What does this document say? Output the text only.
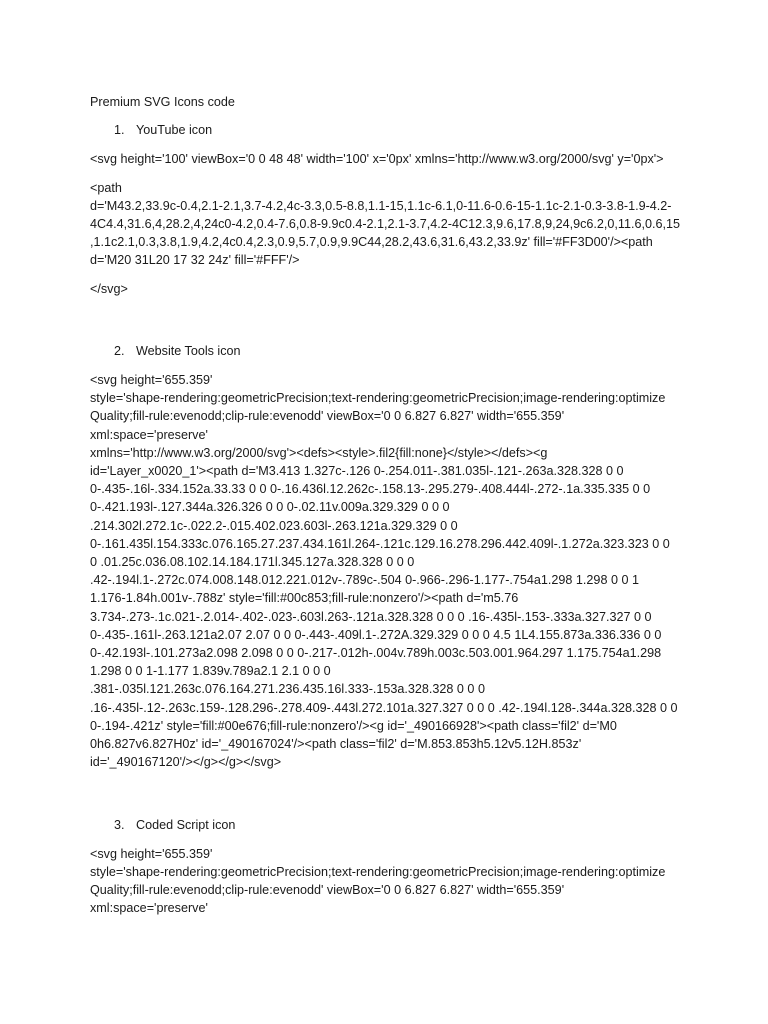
Premium SVG Icons code

1. YouTube icon

<svg height='100' viewBox='0 0 48 48' width='100' x='0px' xmlns='http://www.w3.org/2000/svg' y='0px'>

<path
d='M43.2,33.9c-0.4,2.1-2.1,3.7-4.2,4c-3.3,0.5-8.8,1.1-15,1.1c-6.1,0-11.6-0.6-15-1.1c-2.1-0.3-3.8-1.9-4.2-
4C4.4,31.6,4,28.2,4,24c0-4.2,0.4-7.6,0.8-9.9c0.4-2.1,2.1-3.7,4.2-4C12.3,9.6,17.8,9,24,9c6.2,0,11.6,0.6,15
,1.1c2.1,0.3,3.8,1.9,4.2,4c0.4,2.3,0.9,5.7,0.9,9.9C44,28.2,43.6,31.6,43.2,33.9z' fill='#FF3D00'/><path
d='M20 31L20 17 32 24z' fill='#FFF'/>

</svg>

2. Website Tools icon

<svg height='655.359'
style='shape-rendering:geometricPrecision;text-rendering:geometricPrecision;image-rendering:optimize
Quality;fill-rule:evenodd;clip-rule:evenodd' viewBox='0 0 6.827 6.827' width='655.359'
xml:space='preserve'
xmlns='http://www.w3.org/2000/svg'><defs><style>.fil2{fill:none}</style></defs><g
id='Layer_x0020_1'><path d='M3.413 1.327c-.126 0-.254.011-.381.035l-.121-.263a.328.328 0 0
0-.435-.16l-.334.152a.33.33 0 0 0-.16.436l.12.262c-.158.13-.295.279-.408.444l-.272-.1a.335.335 0 0
0-.421.193l-.127.344a.326.326 0 0 0-.02.11v.009a.329.329 0 0 0
.214.302l.272.1c-.022.2-.015.402.023.603l-.263.121a.329.329 0 0
0-.161.435l.154.333c.076.165.27.237.434.161l.264-.121c.129.16.278.296.442.409l-.1.272a.323.323 0 0
0 .01.25c.036.08.102.14.184.171l.345.127a.328.328 0 0 0
.42-.194l.1-.272c.074.008.148.012.221.012v-.789c-.504 0-.966-.296-1.177-.754a1.298 1.298 0 0 1
1.176-1.84h.001v-.788z' style='fill:#00c853;fill-rule:nonzero'/><path d='m5.76
3.734-.273-.1c.021-.2.014-.402-.023-.603l.263-.121a.328.328 0 0 0 .16-.435l-.153-.333a.327.327 0 0
0-.435-.161l-.263.121a2.07 2.07 0 0 0-.443-.409l.1-.272A.329.329 0 0 0 4.5 1L4.155.873a.336.336 0 0
0-.42.193l-.101.273a2.098 2.098 0 0 0-.217-.012h-.004v.789h.003c.503.001.964.297 1.175.754a1.298
1.298 0 0 1-1.177 1.839v.789a2.1 2.1 0 0 0
.381-.035l.121.263c.076.164.271.236.435.16l.333-.153a.328.328 0 0 0
.16-.435l-.12-.263c.159-.128.296-.278.409-.443l.272.101a.327.327 0 0 0 .42-.194l.128-.344a.328.328 0 0
0-.194-.421z' style='fill:#00e676;fill-rule:nonzero'/><g id='_490166928'><path class='fil2' d='M0
0h6.827v6.827H0z' id='_490167024'/><path class='fil2' d='M.853.853h5.12v5.12H.853z'
id='_490167120'/></g></g></svg>

3. Coded Script icon

<svg height='655.359'
style='shape-rendering:geometricPrecision;text-rendering:geometricPrecision;image-rendering:optimize
Quality;fill-rule:evenodd;clip-rule:evenodd' viewBox='0 0 6.827 6.827' width='655.359'
xml:space='preserve'
